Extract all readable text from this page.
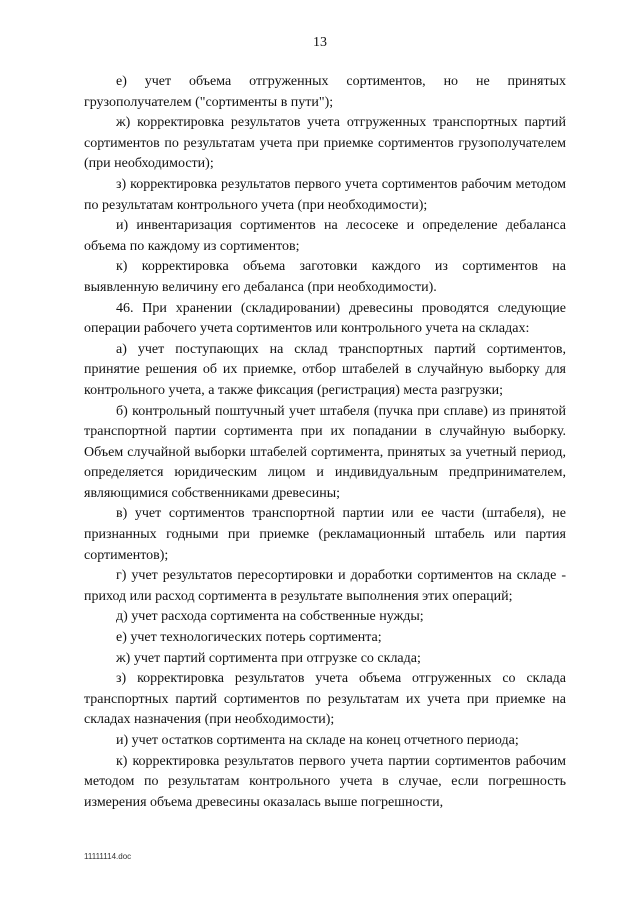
13

е) учет объема отгруженных сортиментов, но не принятых грузополучателем ("сортименты в пути");

ж) корректировка результатов учета отгруженных транспортных партий сортиментов по результатам учета при приемке сортиментов грузополучателем (при необходимости);

з) корректировка результатов первого учета сортиментов рабочим методом по результатам контрольного учета (при необходимости);

и) инвентаризация сортиментов на лесосеке и определение дебаланса объема по каждому из сортиментов;

к) корректировка объема заготовки каждого из сортиментов на выявленную величину его дебаланса (при необходимости).

46. При хранении (складировании) древесины проводятся следующие операции рабочего учета сортиментов или контрольного учета на складах:

а) учет поступающих на склад транспортных партий сортиментов, принятие решения об их приемке, отбор штабелей в случайную выборку для контрольного учета, а также фиксация (регистрация) места разгрузки;

б) контрольный поштучный учет штабеля (пучка при сплаве) из принятой транспортной партии сортимента при их попадании в случайную выборку. Объем случайной выборки штабелей сортимента, принятых за учетный период, определяется юридическим лицом и индивидуальным предпринимателем, являющимися собственниками древесины;

в) учет сортиментов транспортной партии или ее части (штабеля), не признанных годными при приемке (рекламационный штабель или партия сортиментов);

г) учет результатов пересортировки и доработки сортиментов на складе - приход или расход сортимента в результате выполнения этих операций;

д) учет расхода сортимента на собственные нужды;

е) учет технологических потерь сортимента;

ж) учет партий сортимента при отгрузке со склада;

з) корректировка результатов учета объема отгруженных со склада транспортных партий сортиментов по результатам их учета при приемке на складах назначения (при необходимости);

и) учет остатков сортимента на складе на конец отчетного периода;

к) корректировка результатов первого учета партии сортиментов рабочим методом по результатам контрольного учета в случае, если погрешность измерения объема древесины оказалась выше погрешности,

11111114.doc
